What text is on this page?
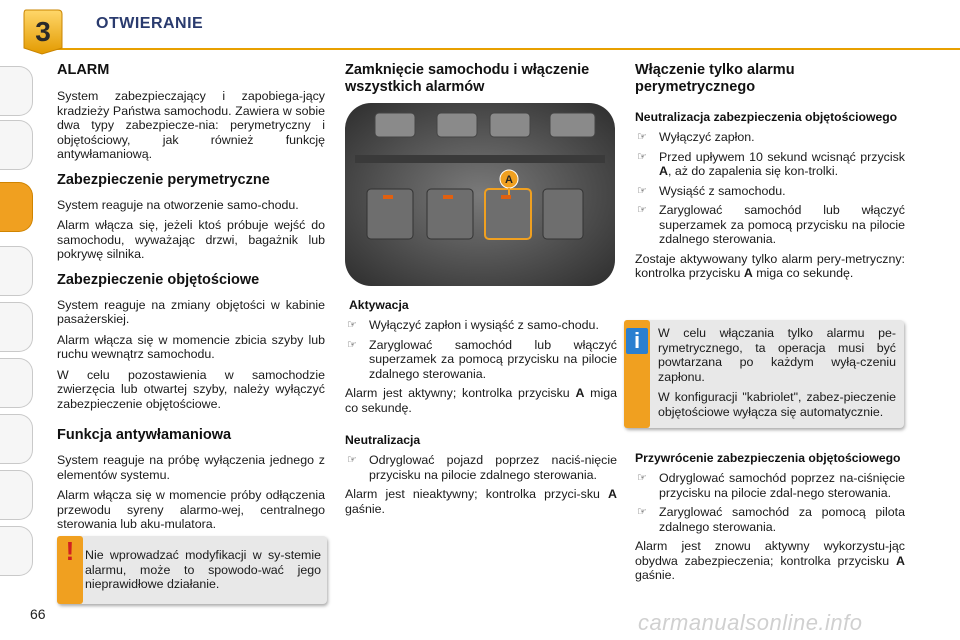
3	OTWIERANIE
66
ALARM

System zabezpieczający i zapobiega-jący kradzieży Państwa samochodu. Zawiera w sobie dwa typy zabezpiecze-nia: perymetryczny i objętościowy, jak również funkcję antywłamaniową.

Zabezpieczenie perymetryczne

System reaguje na otworzenie samo-chodu.

Alarm włącza się, jeżeli ktoś próbuje wejść do samochodu, wyważając drzwi, bagażnik lub pokrywę silnika.

Zabezpieczenie objętościowe

System reaguje na zmiany objętości w kabinie pasażerskiej.

Alarm włącza się w momencie zbicia szyby lub ruchu wewnątrz samochodu.

W celu pozostawienia w samochodzie zwierzęcia lub otwartej szyby, należy wyłączyć zabezpieczenie objętościowe.

Funkcja antywłamaniowa

System reaguje na próbę wyłączenia jednego z elementów systemu.

Alarm włącza się w momencie próby odłączenia przewodu syreny alarmo-wej, centralnego sterowania lub aku-mulatora.

! Nie wprowadzać modyfikacji w sy-stemie alarmu, może to spowodo-wać jego nieprawidłowe działanie.
Zamknięcie samochodu i włączenie wszystkich alarmów
A
Aktywacja
☞ Wyłączyć zapłon i wysiąść z samo-chodu.
☞ Zaryglować samochód lub włączyć superzamek za pomocą przycisku na pilocie zdalnego sterowania.

Alarm jest aktywny; kontrolka przycisku A miga co sekundę.

Neutralizacja
☞ Odryglować pojazd poprzez naciś-nięcie przycisku na pilocie zdalnego sterowania.

Alarm jest nieaktywny; kontrolka przyci-sku A gaśnie.

Włączenie tylko alarmu perymetrycznego
Neutralizacja zabezpieczenia objętościowego
☞ Wyłączyć zapłon.
☞ Przed upływem 10 sekund wcisnąć przycisk A, aż do zapalenia się kon-trolki.
☞ Wysiąść z samochodu.
☞ Zaryglować samochód lub włączyć superzamek za pomocą przycisku na pilocie zdalnego sterowania.

Zostaje aktywowany tylko alarm pery-metryczny: kontrolka przycisku A miga co sekundę.

i	W celu włączania tylko alarmu pe-rymetrycznego, ta operacja musi być powtarzana po każdym wyłą-czeniu zapłonu.

W konfiguracji "kabriolet", zabez-pieczenie objętościowe wyłącza się automatycznie.

Przywrócenie zabezpieczenia objętościowego
☞ Odryglować samochód poprzez na-ciśnięcie przycisku na pilocie zdal-nego sterowania.
☞ Zaryglować samochód za pomocą pilota zdalnego sterowania.

Alarm jest znowu aktywny wykorzystu-jąc obydwa zabezpieczenia; kontrolka przycisku A gaśnie.

carmanualsonline.info
